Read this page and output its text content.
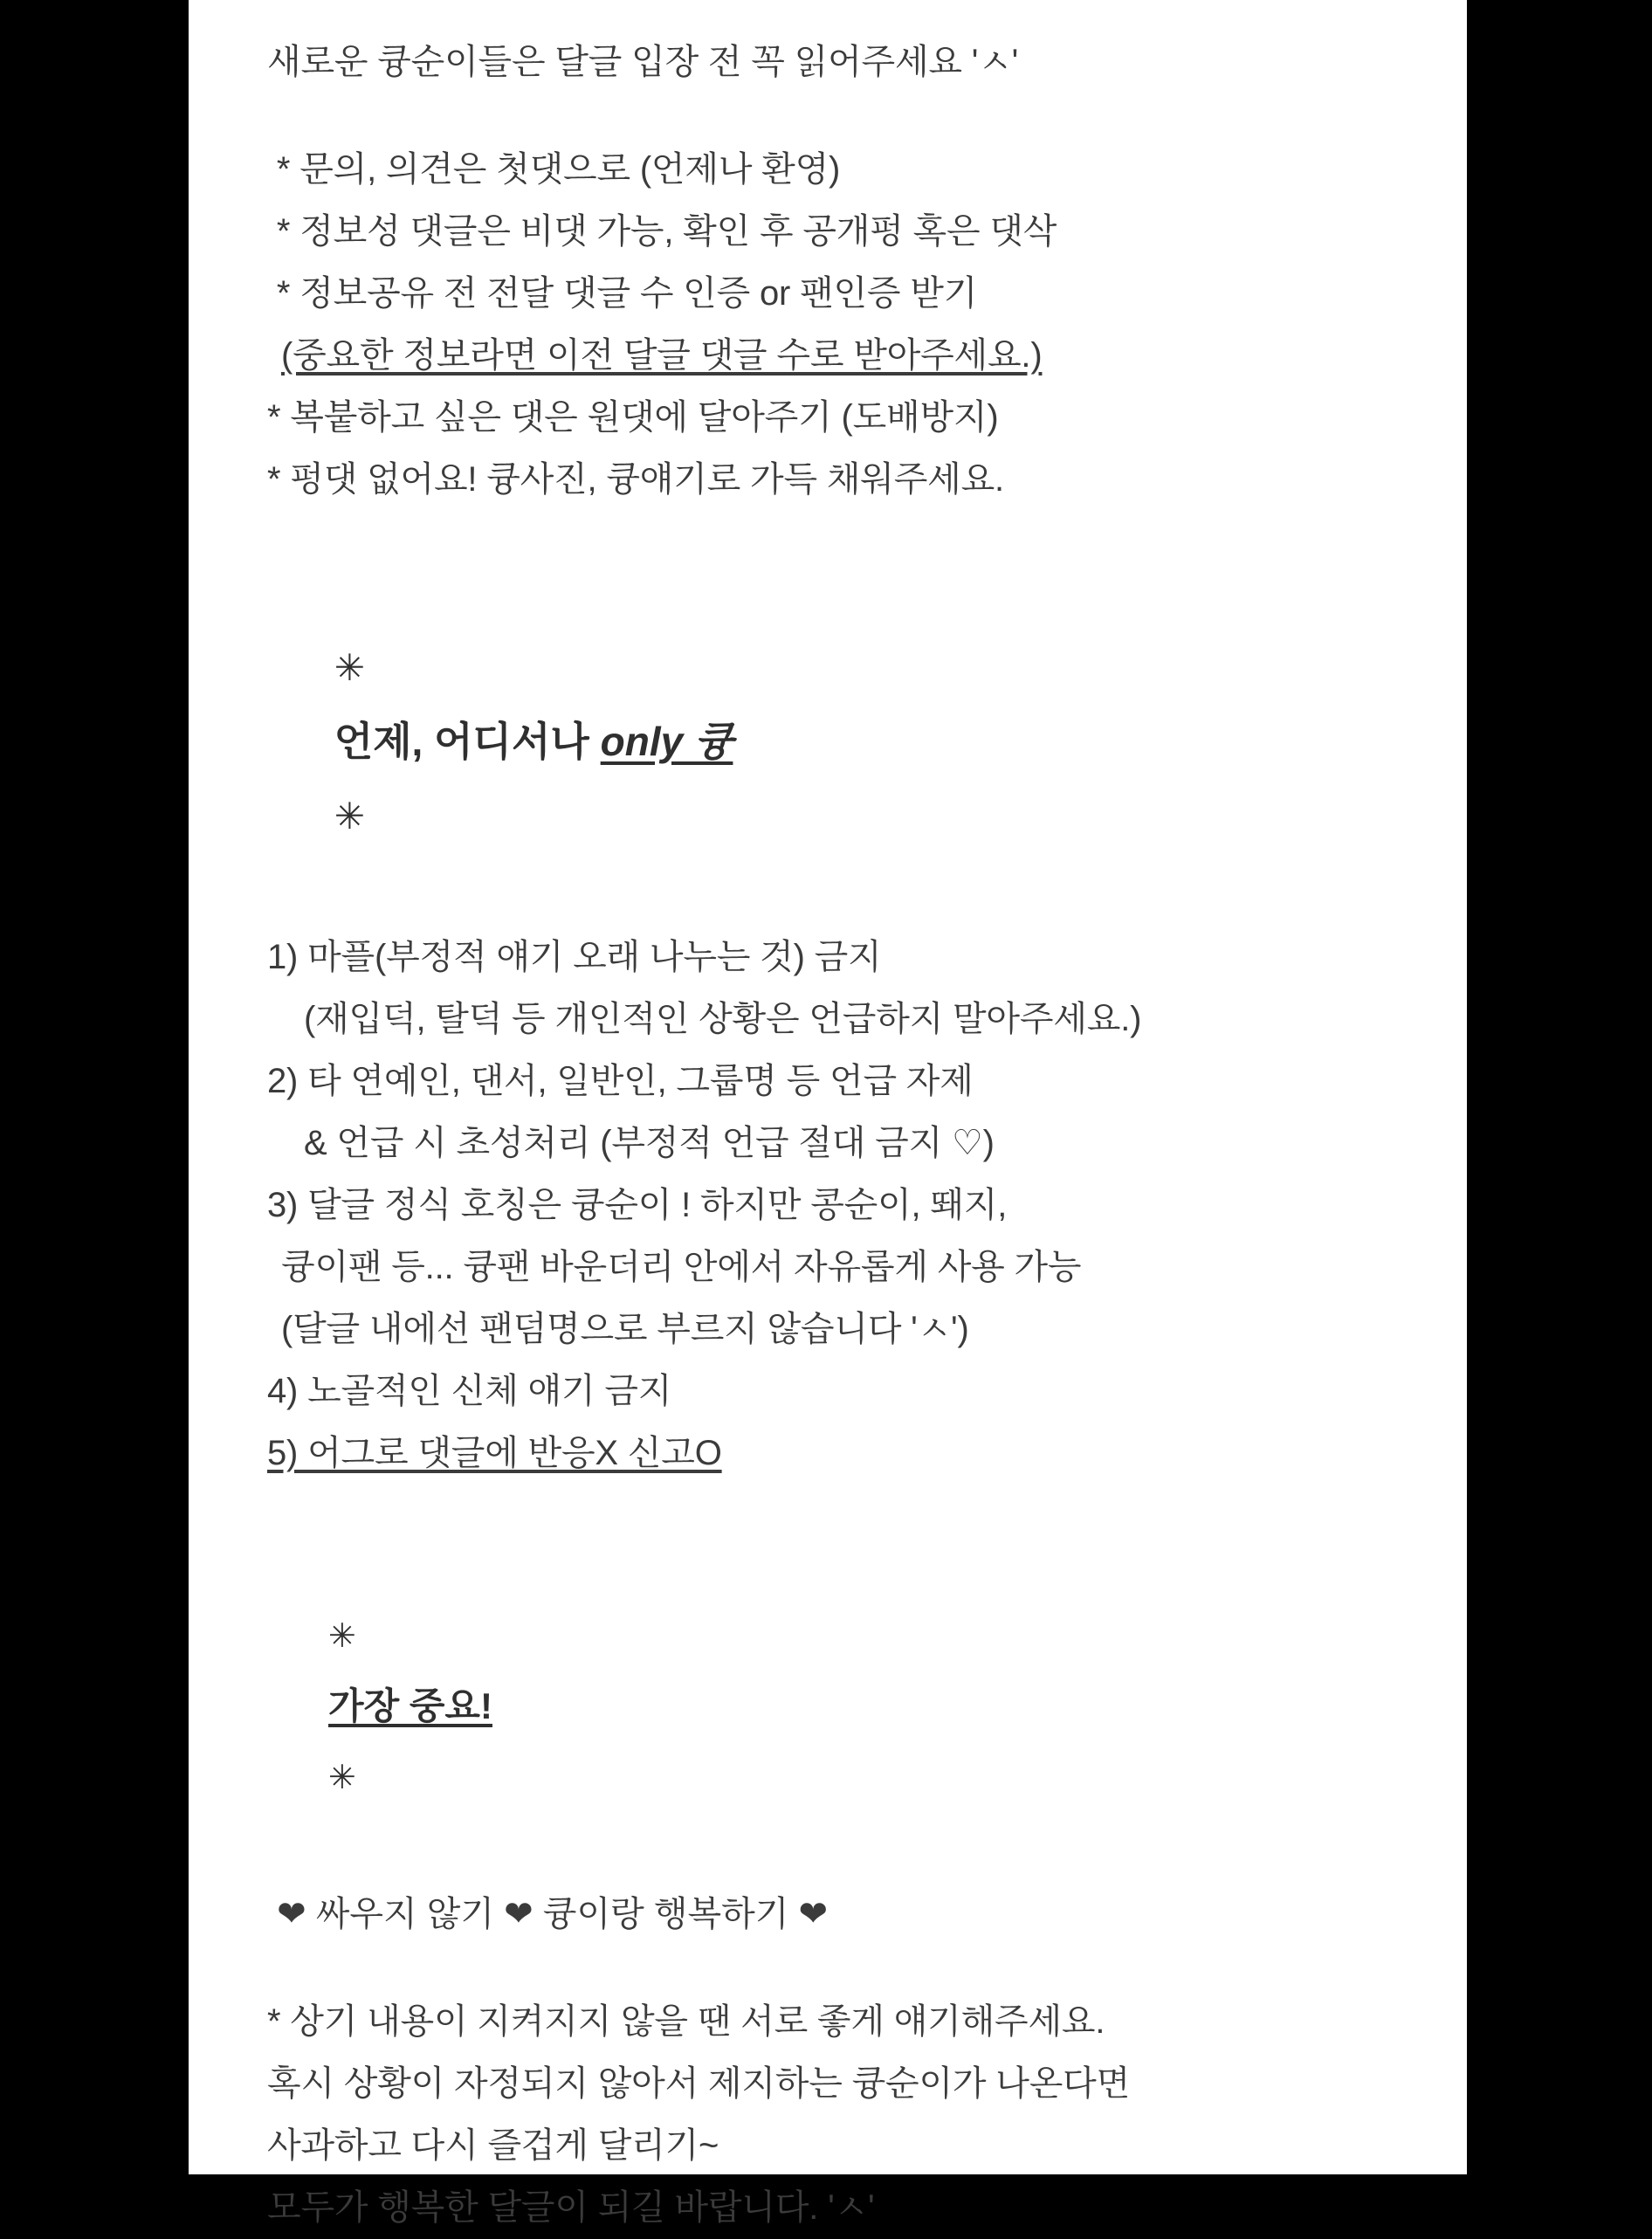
새로운 큥순이들은 달글 입장 전 꼭 읽어주세요 'ㅅ'
* 문의, 의견은 첫댓으로 (언제나 환영)
* 정보성 댓글은 비댓 가능, 확인 후 공개펑 혹은 댓삭
* 정보공유 전 전달 댓글 수 인증 or 팬인증 받기
(중요한 정보라면 이전 달글 댓글 수로 받아주세요.)
* 복붙하고 싶은 댓은 원댓에 달아주기 (도배방지)
* 펑댓 없어요! 큥사진, 큥얘기로 가득 채워주세요.

✳
언제, 어디서나 only 큥
✳

1) 마플(부정적 얘기 오래 나누는 것) 금지
(재입덕, 탈덕 등 개인적인 상황은 언급하지 말아주세요.)
2) 타 연예인, 댄서, 일반인, 그룹명 등 언급 자제
& 언급 시 초성처리 (부정적 언급 절대 금지 ♡)
3) 달글 정식 호칭은 큥순이 ! 하지만 콩순이, 뙈지,
큥이팬 등... 큥팬 바운더리 안에서 자유롭게 사용 가능
(달글 내에선 팬덤명으로 부르지 않습니다 'ㅅ')
4) 노골적인 신체 얘기 금지
5) 어그로 댓글에 반응X 신고O

✳
가장 중요!
✳

❤ 싸우지 않기 ❤ 큥이랑 행복하기 ❤
* 상기 내용이 지켜지지 않을 땐 서로 좋게 얘기해주세요.
혹시 상황이 자정되지 않아서 제지하는 큥순이가 나온다면
사과하고 다시 즐겁게 달리기~
모두가 행복한 달글이 되길 바랍니다. 'ㅅ'
